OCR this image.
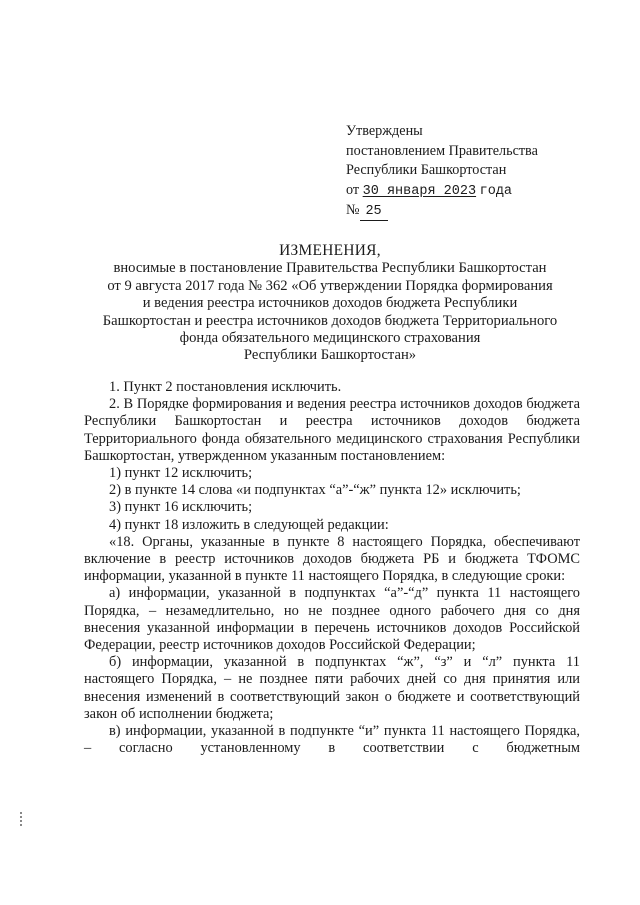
Утверждены
постановлением Правительства
Республики Башкортостан
от 30 января 2023 года
№ 25
ИЗМЕНЕНИЯ,
вносимые в постановление Правительства Республики Башкортостан
от 9 августа 2017 года № 362 «Об утверждении Порядка формирования
и ведения реестра источников доходов бюджета Республики
Башкортостан и реестра источников доходов бюджета Территориального
фонда обязательного медицинского страхования
Республики Башкортостан»

1. Пункт 2 постановления исключить.

2. В Порядке формирования и ведения реестра источников доходов бюджета Республики Башкортостан и реестра источников доходов бюджета Территориального фонда обязательного медицинского страхования Республики Башкортостан, утвержденном указанным постановлением:

1) пункт 12 исключить;

2) в пункте 14 слова «и подпунктах “а”-“ж” пункта 12» исключить;

3) пункт 16 исключить;

4) пункт 18 изложить в следующей редакции:

«18. Органы, указанные в пункте 8 настоящего Порядка, обеспечивают включение в реестр источников доходов бюджета РБ и бюджета ТФОМС информации, указанной в пункте 11 настоящего Порядка, в следующие сроки:

а) информации, указанной в подпунктах “а”-“д” пункта 11 настоящего Порядка, – незамедлительно, но не позднее одного рабочего дня со дня внесения указанной информации в перечень источников доходов Российской Федерации, реестр источников доходов Российской Федерации;

б) информации, указанной в подпунктах “ж”, “з” и “л” пункта 11 настоящего Порядка, – не позднее пяти рабочих дней со дня принятия или внесения изменений в соответствующий закон о бюджете и соответствующий закон об исполнении бюджета;

в) информации, указанной в подпункте “и” пункта 11 настоящего Порядка, – согласно установленному в соответствии с бюджетным
